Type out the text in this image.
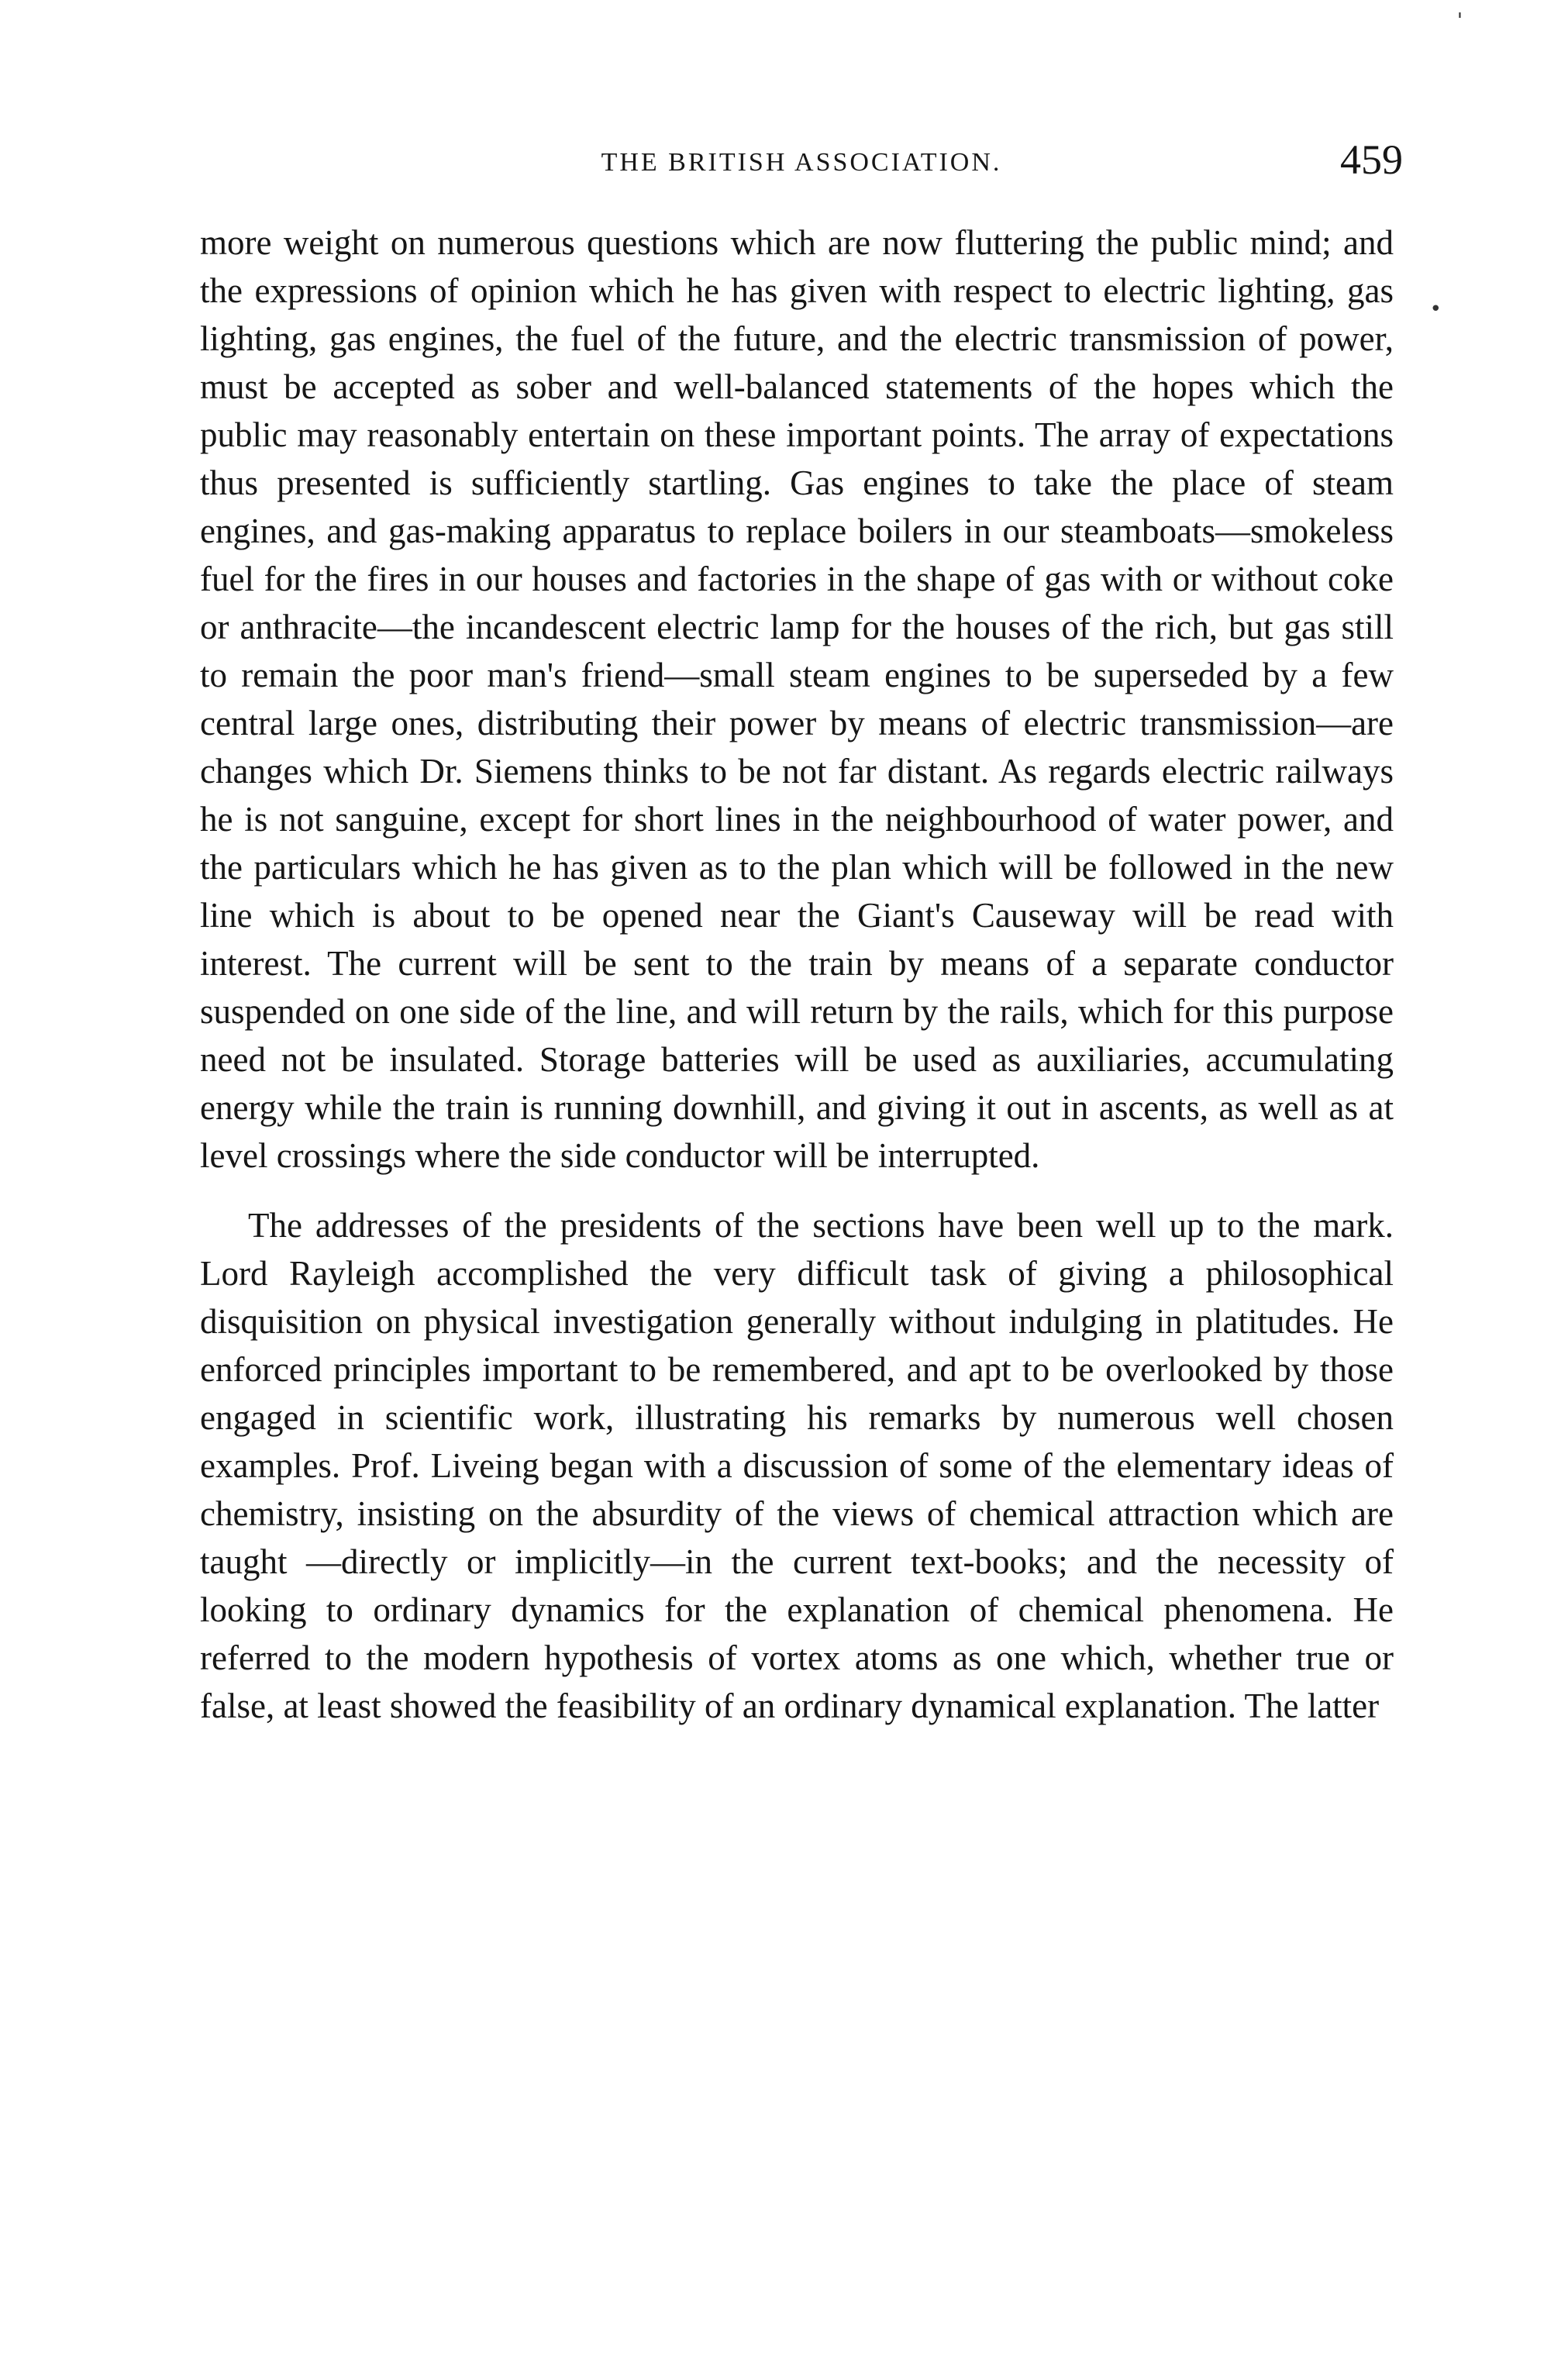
'
•
THE BRITISH ASSOCIATION.	459

more weight on numerous questions which are now fluttering the public mind; and the expressions of opinion which he has given with respect to electric lighting, gas lighting, gas engines, the fuel of the future, and the electric transmission of power, must be accepted as sober and well-balanced statements of the hopes which the public may reasonably entertain on these important points. The array of expectations thus presented is sufficiently startling. Gas engines to take the place of steam engines, and gas-making apparatus to replace boilers in our steamboats—smokeless fuel for the fires in our houses and factories in the shape of gas with or without coke or anthracite—the incandescent electric lamp for the houses of the rich, but gas still to remain the poor man's friend—small steam engines to be superseded by a few central large ones, distributing their power by means of electric transmission—are changes which Dr. Siemens thinks to be not far distant. As regards electric railways he is not sanguine, except for short lines in the neighbourhood of water power, and the particulars which he has given as to the plan which will be followed in the new line which is about to be opened near the Giant's Causeway will be read with interest. The current will be sent to the train by means of a separate conductor suspended on one side of the line, and will return by the rails, which for this purpose need not be insulated. Storage batteries will be used as auxiliaries, accumulating energy while the train is running downhill, and giving it out in ascents, as well as at level crossings where the side conductor will be interrupted.

The addresses of the presidents of the sections have been well up to the mark. Lord Rayleigh accomplished the very difficult task of giving a philosophical disquisition on physical investigation generally without indulging in platitudes. He enforced principles important to be remembered, and apt to be overlooked by those engaged in scientific work, illustrating his remarks by numerous well chosen examples. Prof. Liveing began with a discussion of some of the elementary ideas of chemistry, insisting on the absurdity of the views of chemical attraction which are taught —directly or implicitly—in the current text-books; and the necessity of looking to ordinary dynamics for the explanation of chemical phenomena. He referred to the modern hypothesis of vortex atoms as one which, whether true or false, at least showed the feasibility of an ordinary dynamical explanation. The latter
